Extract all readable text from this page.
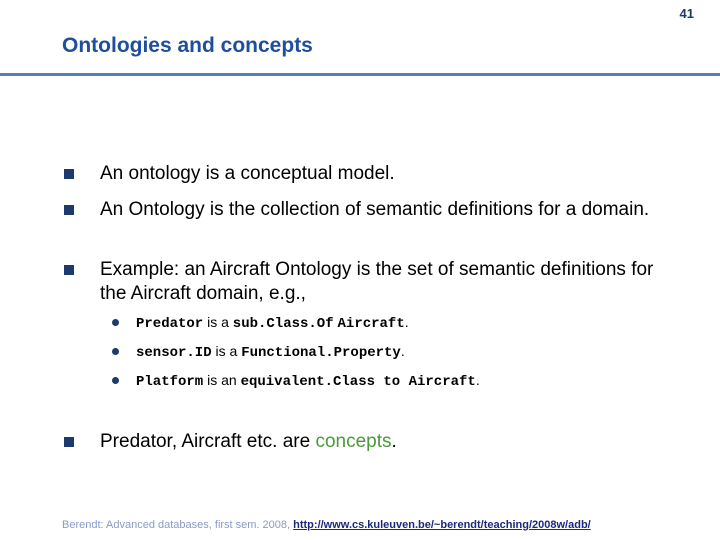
41
Ontologies and concepts
An ontology is a conceptual model.
An Ontology is the collection of semantic definitions for a domain.
Example: an Aircraft Ontology is the set of semantic definitions for the Aircraft domain, e.g.,
Predator is a sub.Class.Of Aircraft.
sensor.ID is a Functional.Property.
Platform is an equivalent.Class to Aircraft.
Predator, Aircraft etc. are concepts.
Berendt: Advanced databases, first sem. 2008, http://www.cs.kuleuven.be/~berendt/teaching/2008w/adb/
